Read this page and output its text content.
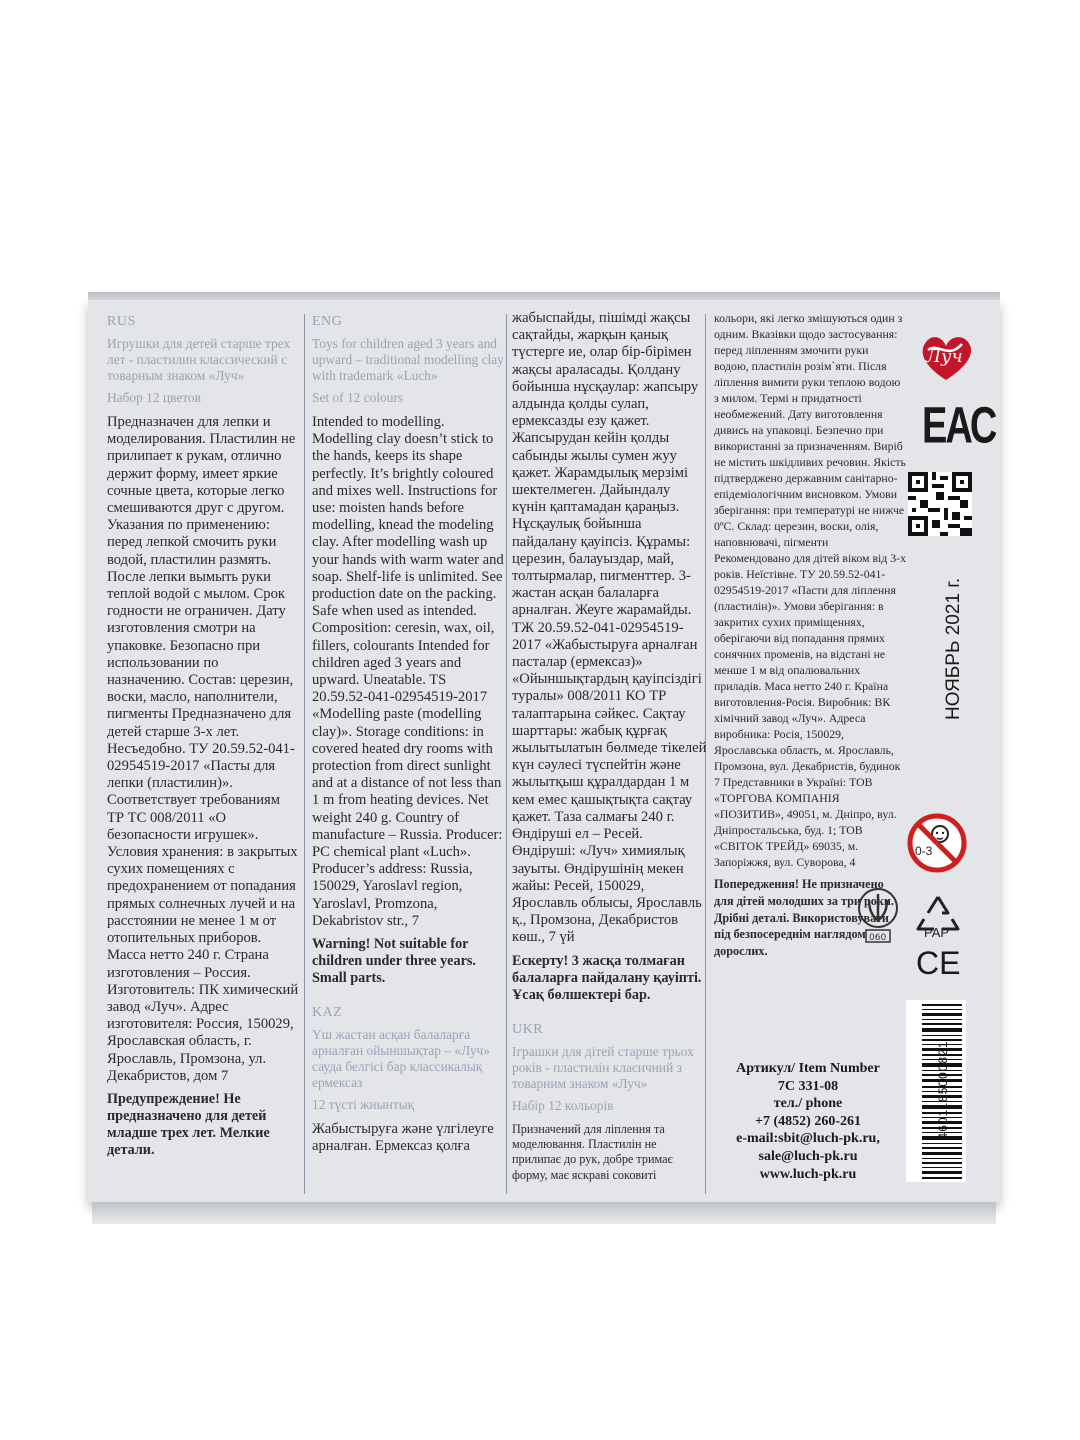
RUS
Игрушки для детей старше трех лет - пластилин классический с товарным знаком «Луч»
Набор 12 цветов

Предназначен для лепки и моделирования. Пластилин не прилипает к рукам, отлично держит форму, имеет яркие сочные цвета, которые легко смешиваются друг с другом. Указания по применению: перед лепкой смочить руки водой, пластилин размять. После лепки вымыть руки теплой водой с мылом. Срок годности не ограничен. Дату изготовления смотри на упаковке. Безопасно при использовании по назначению. Состав: церезин, воски, масло, наполнители, пигменты Предназначено для детей старше 3-х лет. Несъедобно. ТУ 20.59.52-041-02954519-2017 «Пасты для лепки (пластилин)». Соответствует требованиям ТР ТС 008/2011 «О безопасности игрушек». Условия хранения: в закрытых сухих помещениях с предохранением от попадания прямых солнечных лучей и на расстоянии не менее 1 м от отопительных приборов. Масса нетто 240 г. Страна изготовления – Россия. Изготовитель: ПК химический завод «Луч». Адрес изготовителя: Россия, 150029, Ярославская область, г. Ярославль, Промзона, ул. Декабристов, дом 7

Предупреждение! Не предназначено для детей младше трех лет. Мелкие детали.

ENG
Toys for children aged 3 years and upward – traditional modelling clay with trademark «Luch»
Set of 12 colours

Intended to modelling. Modelling clay doesn’t stick to the hands, keeps its shape perfectly. It’s brightly coloured and mixes well. Instructions for use: moisten hands before modelling, knead the modeling clay. After modelling wash up your hands with warm water and soap. Shelf-life is unlimited. See production date on the packing. Safe when used as intended. Composition: ceresin, wax, oil, fillers, colourants Intended for children aged 3 years and upward. Uneatable. TS 20.59.52-041-02954519-2017 «Modelling paste (modelling clay)». Storage conditions: in covered heated dry rooms with protection from direct sunlight and at a distance of not less than 1 m from heating devices. Net weight 240 g. Country of manufacture – Russia. Producer: PC chemical plant «Luch». Producer’s address: Russia, 150029, Yaroslavl region, Yaroslavl, Promzona, Dekabristov str., 7

Warning! Not suitable for children under three years. Small parts.

KAZ
Үш жастан асқан балаларға арналған ойыншықтар – «Луч» сауда белгісі бар классикалық ермексаз
12 түсті жиынтық

Жабыстыруға және үлгілеуге арналған. Ермексаз қолға

жабыспайды, пішімді жақсы сақтайды, жарқын қанық түстерге ие, олар бір-бірімен жақсы араласады. Қолдану бойынша нұсқаулар: жапсыру алдында қолды сулап, ермексазды езу қажет. Жапсырудан кейін қолды сабынды жылы сумен жуу қажет. Жарамдылық мерзімі шектелмеген. Дайындалу күнін қаптамадан қараңыз. Нұсқаулық бойынша пайдалану қауіпсіз. Құрамы: церезин, балауыздар, май, толтырмалар, пигменттер. 3-жастан асқан балаларға арналған. Жеуге жарамайды. ТЖ 20.59.52-041-02954519-2017 «Жабыстыруға арналған пасталар (ермексаз)» «Ойыншықтардың қауіпсіздігі туралы» 008/2011 КО ТР талаптарына сәйкес. Сақтау шарттары: жабық құрғақ жылытылатын бөлмеде тікелей күн сәулесі түспейтін және жылытқыш құралдардан 1 м кем емес қашықтықта сақтау қажет. Таза салмағы 240 г. Өндіруші ел – Ресей. Өндіруші: «Луч» химиялық зауыты. Өндірушінің мекен жайы: Ресей, 150029, Ярославль облысы, Ярославль қ., Промзона, Декабристов көш., 7 үй

Ескерту! 3 жасқа толмаған балаларға пайдалану қауіпті. Ұсақ бөлшектері бар.

UKR
Іграшки для дітей старше трьох років - пластилін класичний з товарним знаком «Луч»
Набір 12 кольорів

Призначений для ліплення та моделювання. Пластилін не прилипає до рук, добре тримає форму, має яскраві соковиті

кольори, які легко змішуються один з одним. Вказівки щодо застосування: перед ліпленням змочити руки водою, пластилін розім`яти. Після ліплення вимити руки теплою водою з милом. Термі н придатності необмежений. Дату виготовлення дивись на упаковці. Безпечно при використанні за призначенням. Виріб не містить шкідливих речовин. Якість підтверджено державним санітарно- епідеміологічним висновком. Умови зберігання: при температурі не нижче 0ºС. Склад: церезин, воски, олія, наповнювачі, пігменти Рекомендовано для дітей віком від 3-х років. Неїстівне. ТУ 20.59.52-041-02954519-2017 «Пасти для ліплення (пластилін)». Умови зберігання: в закритих сухих приміщеннях, оберігаючи від попадання прямих сонячних променів, на відстані не менше 1 м від опалювальних приладів. Маса нетто 240 г. Країна виготовлення-Росія. Виробник: ВК хімічний завод «Луч». Адреса виробника: Росія, 150029, Ярославська область, м. Ярославль, Промзона, вул. Декабристів, будинок 7 Представники в Україні: ТОВ «ТОРГОВА КОМПАНІЯ «ПОЗИТИВ», 49051, м. Дніпро, вул. Дніпростальська, буд. 1; ТОВ «СВІТОК ТРЕЙД» 69035, м. Запоріжжя, вул. Суворова, 4

Попередження! Не призначено для дітей молодших за три роки. Дрібні деталі. Використовувати під безпосереднім наглядом дорослих.

Луч
ЕАС
НОЯБРЬ 2021 г.
0-3
060	PAP
CE
4601185000821
Артикул/ Item Number
7С 331-08
тел./ phone
+7 (4852) 260-261
e-mail:sbit@luch-pk.ru,
sale@luch-pk.ru
www.luch-pk.ru
